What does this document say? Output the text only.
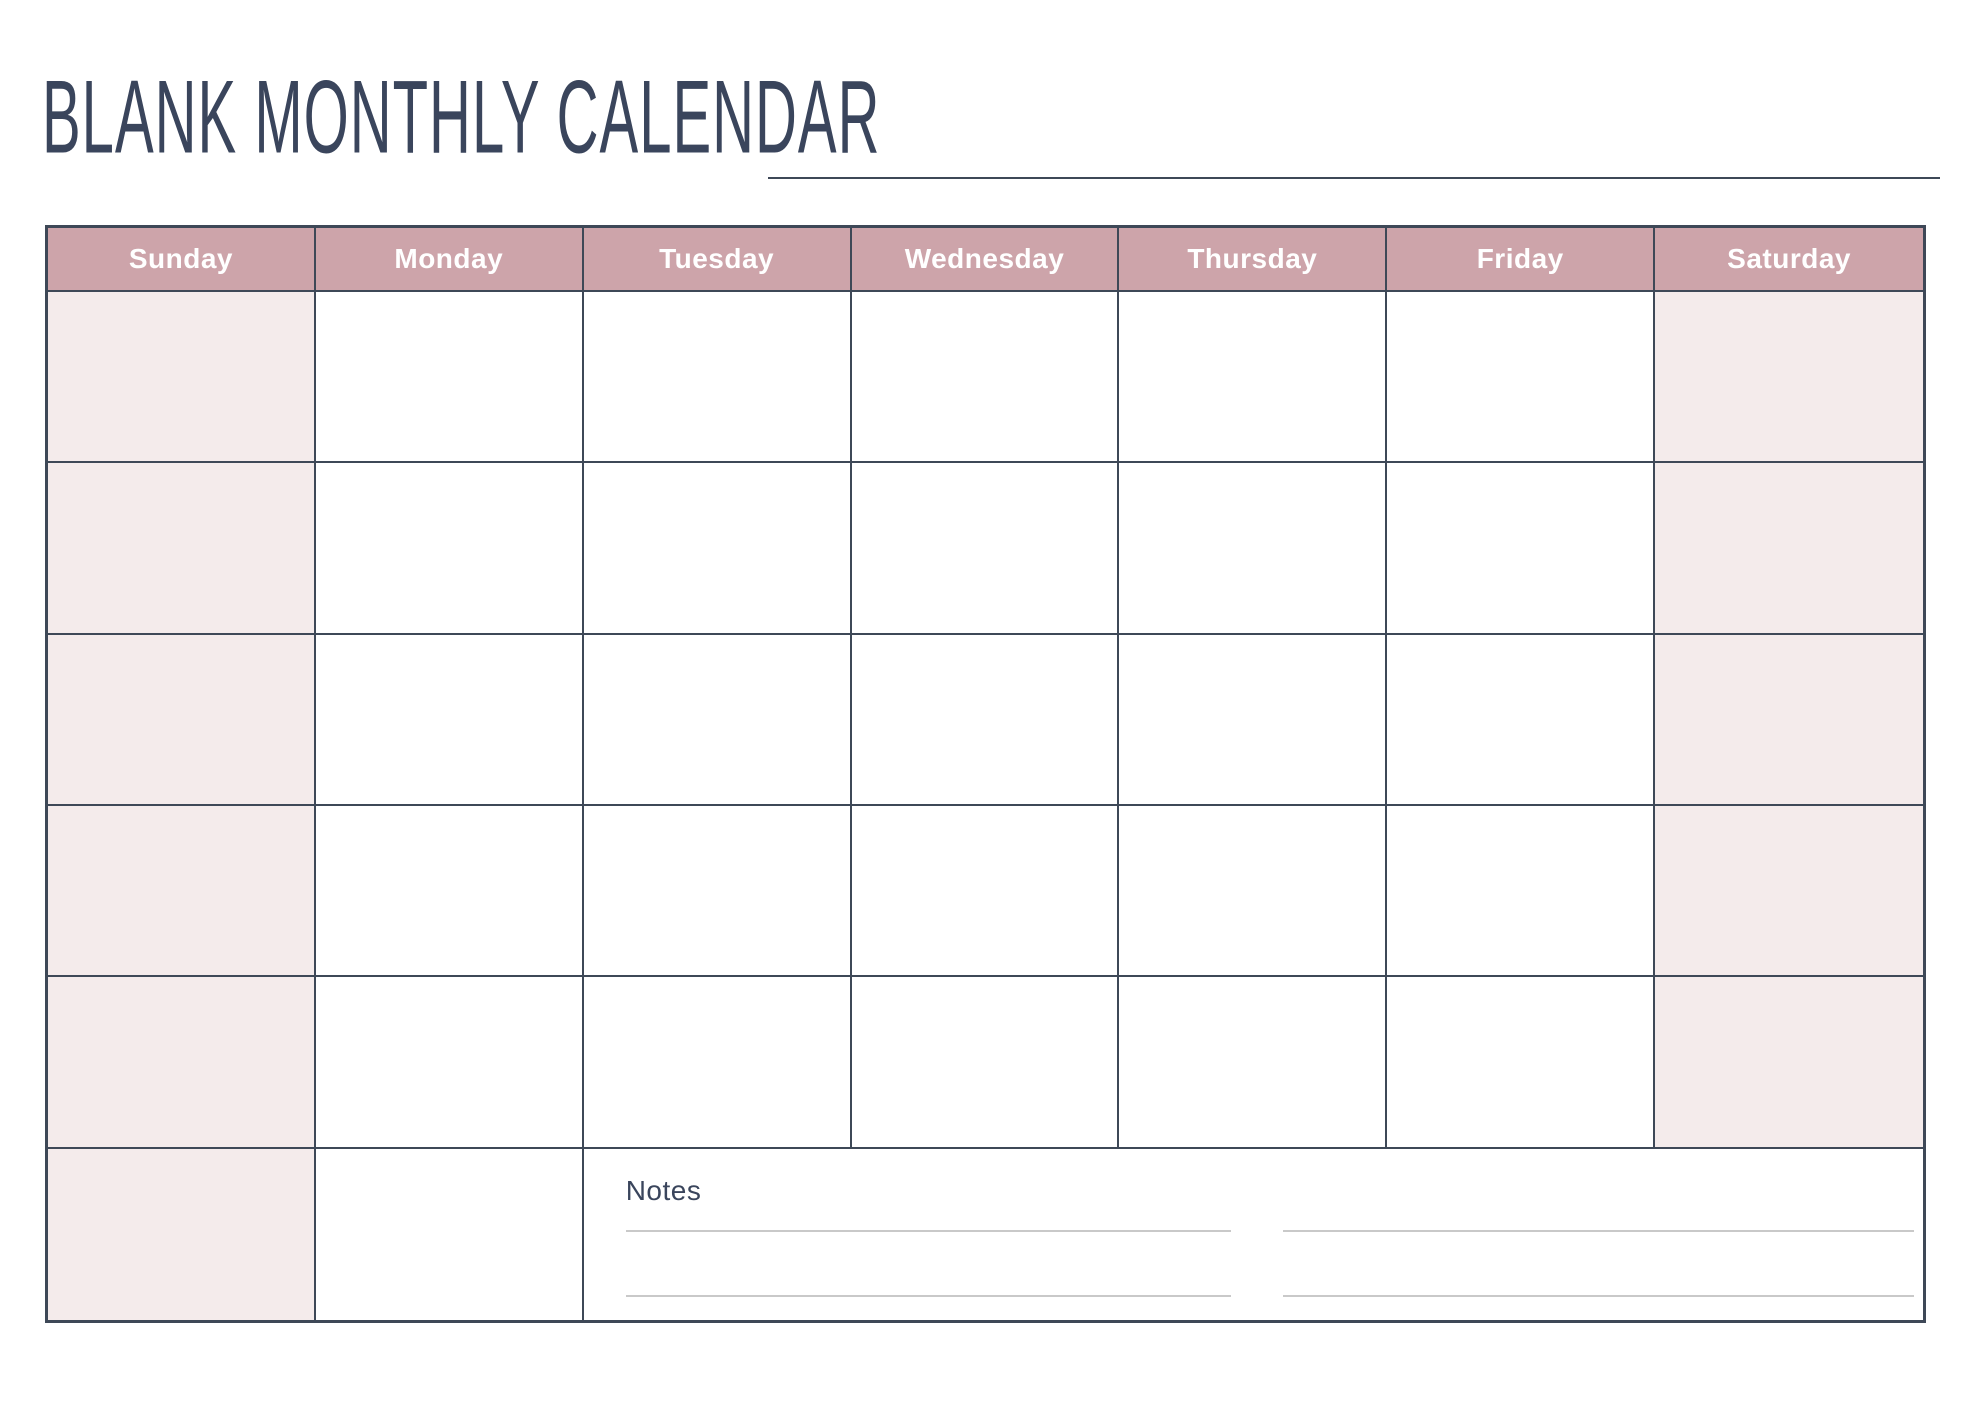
BLANK MONTHLY CALENDAR
Sunday	Monday	Tuesday	Wednesday	Thursday	Friday	Saturday
Notes
